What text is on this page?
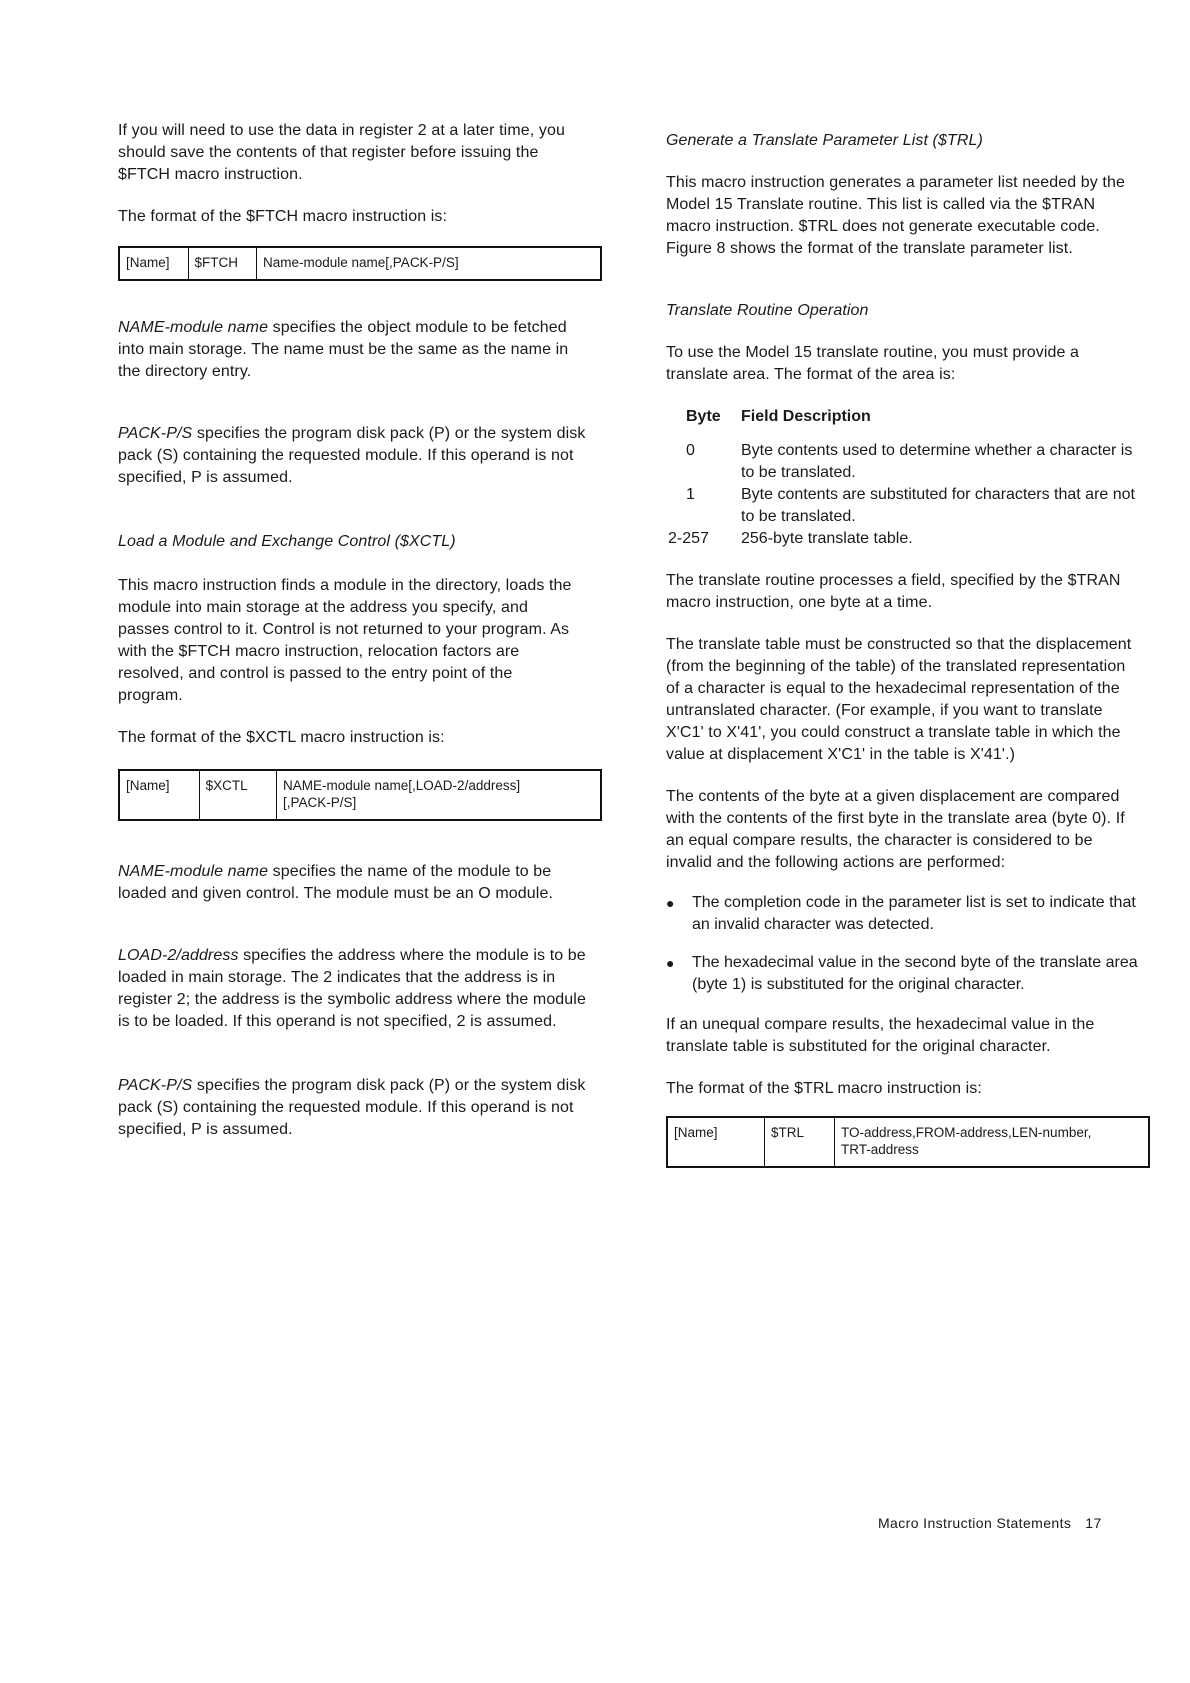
If you will need to use the data in register 2 at a later time, you should save the contents of that register before issuing the $FTCH macro instruction.

The format of the $FTCH macro instruction is:

[Name]	$FTCH	Name-module name[,PACK-P/S]

NAME-module name specifies the object module to be fetched into main storage. The name must be the same as the name in the directory entry.

PACK-P/S specifies the program disk pack (P) or the system disk pack (S) containing the requested module. If this operand is not specified, P is assumed.

Load a Module and Exchange Control ($XCTL)

This macro instruction finds a module in the directory, loads the module into main storage at the address you specify, and passes control to it. Control is not returned to your program. As with the $FTCH macro instruction, relocation factors are resolved, and control is passed to the entry point of the program.

The format of the $XCTL macro instruction is:

[Name]	$XCTL	NAME-module name[,LOAD-2/address]
[,PACK-P/S]

NAME-module name specifies the name of the module to be loaded and given control. The module must be an O module.

LOAD-2/address specifies the address where the module is to be loaded in main storage. The 2 indicates that the address is in register 2; the address is the symbolic address where the module is to be loaded. If this operand is not specified, 2 is assumed.

PACK-P/S specifies the program disk pack (P) or the system disk pack (S) containing the requested module. If this operand is not specified, P is assumed.

Generate a Translate Parameter List ($TRL)

This macro instruction generates a parameter list needed by the Model 15 Translate routine. This list is called via the $TRAN macro instruction. $TRL does not generate executable code. Figure 8 shows the format of the translate parameter list.

Translate Routine Operation

To use the Model 15 translate routine, you must provide a translate area. The format of the area is:

Byte	Field Description
0	Byte contents used to determine whether a character is to be translated.
1	Byte contents are substituted for characters that are not to be translated.
2-257	256-byte translate table.

The translate routine processes a field, specified by the $TRAN macro instruction, one byte at a time.

The translate table must be constructed so that the displacement (from the beginning of the table) of the translated representation of a character is equal to the hexadecimal representation of the untranslated character. (For example, if you want to translate X'C1' to X'41', you could construct a translate table in which the value at displacement X'C1' in the table is X'41'.)

The contents of the byte at a given displacement are compared with the contents of the first byte in the translate area (byte 0). If an equal compare results, the character is considered to be invalid and the following actions are performed:

● The completion code in the parameter list is set to indicate that an invalid character was detected.
● The hexadecimal value in the second byte of the translate area (byte 1) is substituted for the original character.

If an unequal compare results, the hexadecimal value in the translate table is substituted for the original character.

The format of the $TRL macro instruction is:

[Name]	$TRL	TO-address,FROM-address,LEN-number,
TRT-address
Macro Instruction Statements 17
